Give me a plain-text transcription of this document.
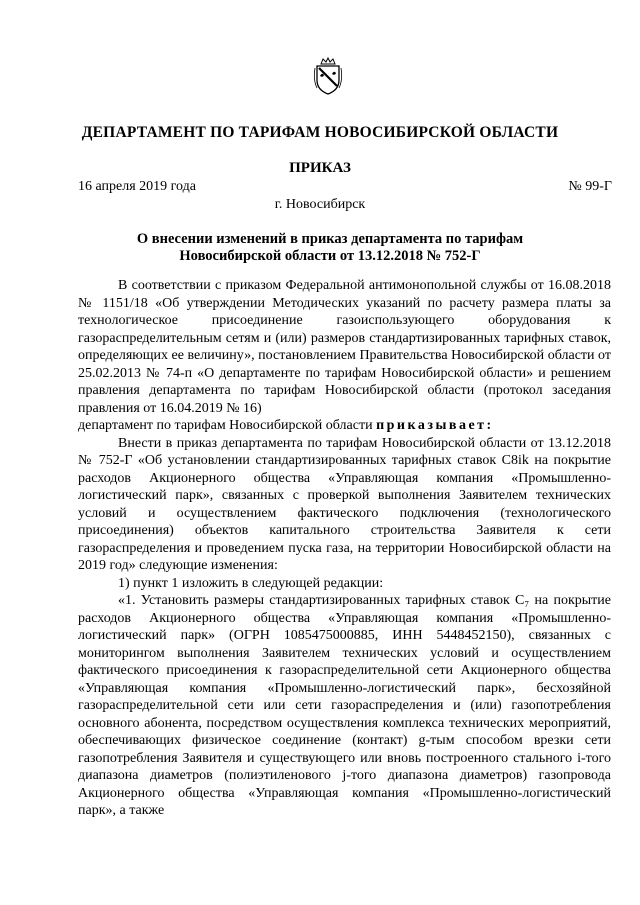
ДЕПАРТАМЕНТ ПО ТАРИФАМ НОВОСИБИРСКОЙ ОБЛАСТИ
ПРИКАЗ
16 апреля 2019 года	№ 99-Г
г. Новосибирск
О внесении изменений в приказ департамента по тарифам Новосибирской области от 13.12.2018 № 752-Г

В соответствии с приказом Федеральной антимонопольной службы от 16.08.2018 № 1151/18 «Об утверждении Методических указаний по расчету размера платы за технологическое присоединение газоиспользующего оборудования к газораспределительным сетям и (или) размеров стандартизированных тарифных ставок, определяющих ее величину», постановлением Правительства Новосибирской области от 25.02.2013 № 74-п «О департаменте по тарифам Новосибирской области» и решением правления департамента по тарифам Новосибирской области (протокол заседания правления от 16.04.2019 № 16)

департамент по тарифам Новосибирской области приказывает:

Внести в приказ департамента по тарифам Новосибирской области от 13.12.2018 № 752-Г «Об установлении стандартизированных тарифных ставок C8ik на покрытие расходов Акционерного общества «Управляющая компания «Промышленно-логистический парк», связанных с проверкой выполнения Заявителем технических условий и осуществлением фактического подключения (технологического присоединения) объектов капитального строительства Заявителя к сети газораспределения и проведением пуска газа, на территории Новосибирской области на 2019 год» следующие изменения:

1) пункт 1 изложить в следующей редакции:

«1. Установить размеры стандартизированных тарифных ставок C₇ на покрытие расходов Акционерного общества «Управляющая компания «Промышленно-логистический парк» (ОГРН 1085475000885, ИНН 5448452150), связанных с мониторингом выполнения Заявителем технических условий и осуществлением фактического присоединения к газораспределительной сети Акционерного общества «Управляющая компания «Промышленно-логистический парк», бесхозяйной газораспределительной сети или сети газораспределения и (или) газопотребления основного абонента, посредством осуществления комплекса технических мероприятий, обеспечивающих физическое соединение (контакт) g-тым способом врезки сети газопотребления Заявителя и существующего или вновь построенного стального i-того диапазона диаметров (полиэтиленового j-того диапазона диаметров) газопровода Акционерного общества «Управляющая компания «Промышленно-логистический парк», а также
